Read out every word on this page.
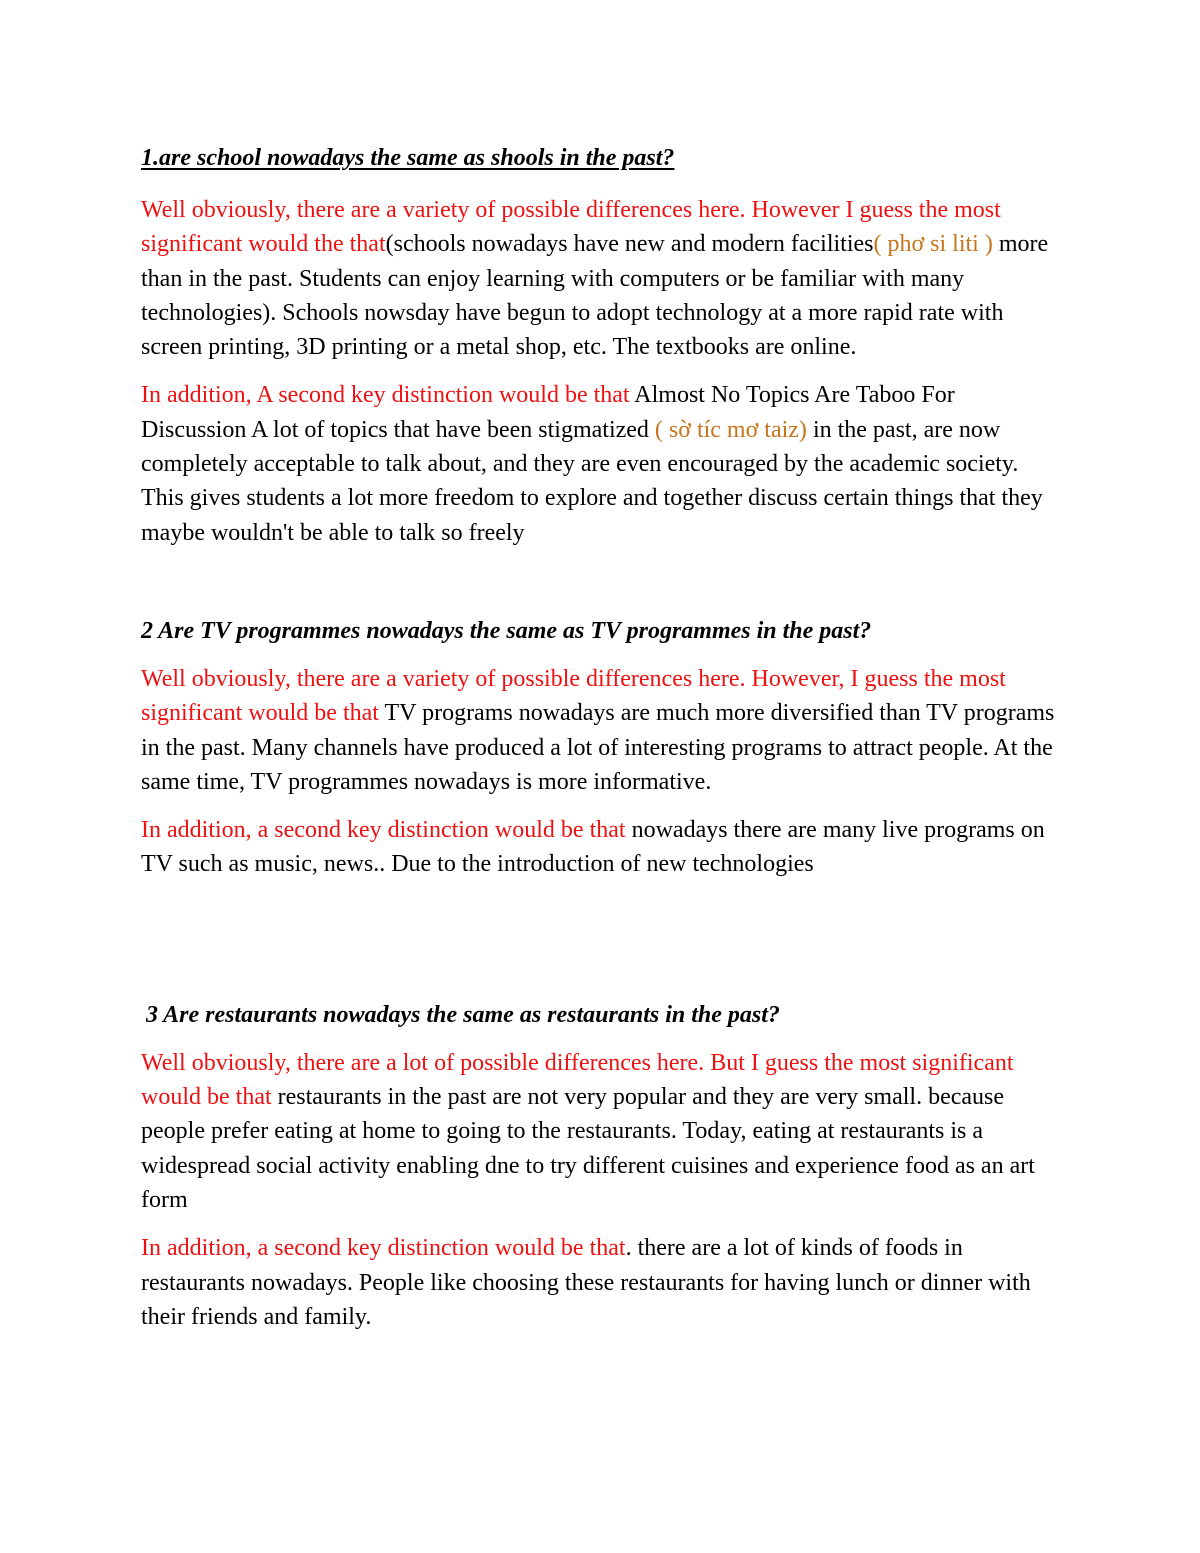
1.are school nowadays the same as shools in the past?

Well obviously, there are a variety of possible differences here. However I guess the most significant would the that(schools nowadays have new and modern facilities( phơ si liti ) more than in the past. Students can enjoy learning with computers or be familiar with many technologies). Schools nowsday have begun to adopt technology at a more rapid rate with screen printing, 3D printing or a metal shop, etc. The textbooks are online.

In addition, A second key distinction would be that Almost No Topics Are Taboo For Discussion A lot of topics that have been stigmatized ( sờ tíc mơ taiz) in the past, are now completely acceptable to talk about, and they are even encouraged by the academic society. This gives students a lot more freedom to explore and together discuss certain things that they maybe wouldn't be able to talk so freely

2 Are TV programmes nowadays the same as TV programmes in the past?

Well obviously, there are a variety of possible differences here. However, I guess the most significant would be that TV programs nowadays are much more diversified than TV programs in the past. Many channels have produced a lot of interesting programs to attract people. At the same time, TV programmes nowadays is more informative.

In addition, a second key distinction would be that nowadays there are many live programs on TV such as music, news.. Due to the introduction of new technologies

3 Are restaurants nowadays the same as restaurants in the past?

Well obviously, there are a lot of possible differences here. But I guess the most significant would be that restaurants in the past are not very popular and they are very small. because people prefer eating at home to going to the restaurants. Today, eating at restaurants is a widespread social activity enabling dne to try different cuisines and experience food as an art form

In addition, a second key distinction would be that. there are a lot of kinds of foods in restaurants nowadays. People like choosing these restaurants for having lunch or dinner with their friends and family.
